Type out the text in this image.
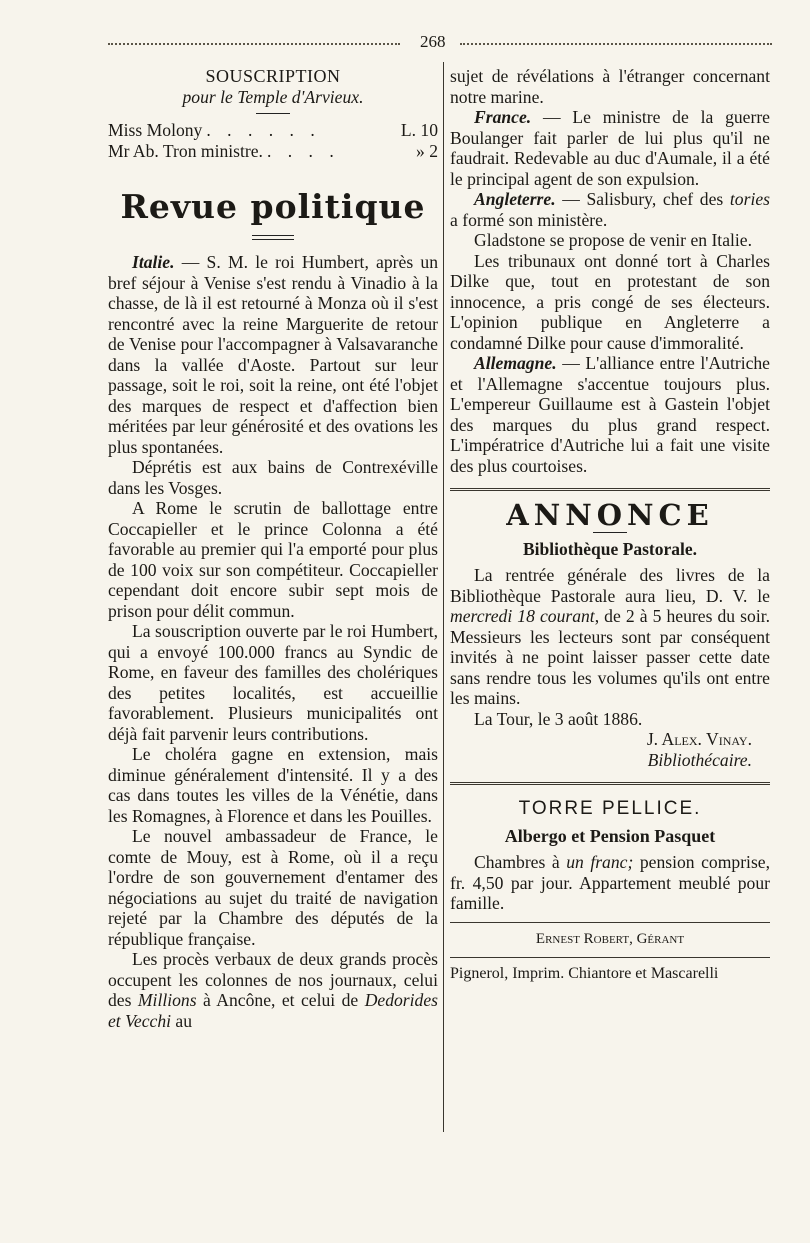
268

SOUSCRIPTION

pour le Temple d'Arvieux.

Miss Molony . . . . . .	L. 10
Mr Ab. Tron ministre. . . . .	» 2
Revue politique

Italie. — S. M. le roi Humbert, après un bref séjour à Venise s'est rendu à Vinadio à la chasse, de là il est retourné à Monza où il s'est rencontré avec la reine Marguerite de retour de Venise pour l'accompagner à Valsavaranche dans la vallée d'Aoste. Partout sur leur passage, soit le roi, soit la reine, ont été l'objet des marques de respect et d'affection bien méritées par leur générosité et des ovations les plus spontanées.

Déprétis est aux bains de Contrexéville dans les Vosges.

A Rome le scrutin de ballottage entre Coccapieller et le prince Colonna a été favorable au premier qui l'a emporté pour plus de 100 voix sur son compétiteur. Coccapieller cependant doit encore subir sept mois de prison pour délit commun.

La souscription ouverte par le roi Humbert, qui a envoyé 100.000 francs au Syndic de Rome, en faveur des familles des cholériques des petites localités, est accueillie favorablement. Plusieurs municipalités ont déjà fait parvenir leurs contributions.

Le choléra gagne en extension, mais diminue généralement d'intensité. Il y a des cas dans toutes les villes de la Vénétie, dans les Romagnes, à Florence et dans les Pouilles.

Le nouvel ambassadeur de France, le comte de Mouy, est à Rome, où il a reçu l'ordre de son gouvernement d'entamer des négociations au sujet du traité de navigation rejeté par la Chambre des députés de la république française.

Les procès verbaux de deux grands procès occupent les colonnes de nos journaux, celui des Millions à Ancône, et celui de Dedorides et Vecchi au

sujet de révélations à l'étranger concernant notre marine.

France. — Le ministre de la guerre Boulanger fait parler de lui plus qu'il ne faudrait. Redevable au duc d'Aumale, il a été le principal agent de son expulsion.

Angleterre. — Salisbury, chef des tories a formé son ministère.

Gladstone se propose de venir en Italie.

Les tribunaux ont donné tort à Charles Dilke que, tout en protestant de son innocence, a pris congé de ses électeurs. L'opinion publique en Angleterre a condamné Dilke pour cause d'immoralité.

Allemagne. — L'alliance entre l'Autriche et l'Allemagne s'accentue toujours plus. L'empereur Guillaume est à Gastein l'objet des marques du plus grand respect. L'impératrice d'Autriche lui a fait une visite des plus courtoises.

ANNONCE

Bibliothèque Pastorale.

La rentrée générale des livres de la Bibliothèque Pastorale aura lieu, D. V. le mercredi 18 courant, de 2 à 5 heures du soir. Messieurs les lecteurs sont par conséquent invités à ne point laisser passer cette date sans rendre tous les volumes qu'ils ont entre les mains.

La Tour, le 3 août 1886.

J. Alex. Vinay.

Bibliothécaire.

TORRE PELLICE.

Albergo et Pension Pasquet

Chambres à un franc; pension comprise, fr. 4,50 par jour. Appartement meublé pour famille.

Ernest Robert, Gérant

Pignerol, Imprim. Chiantore et Mascarelli
